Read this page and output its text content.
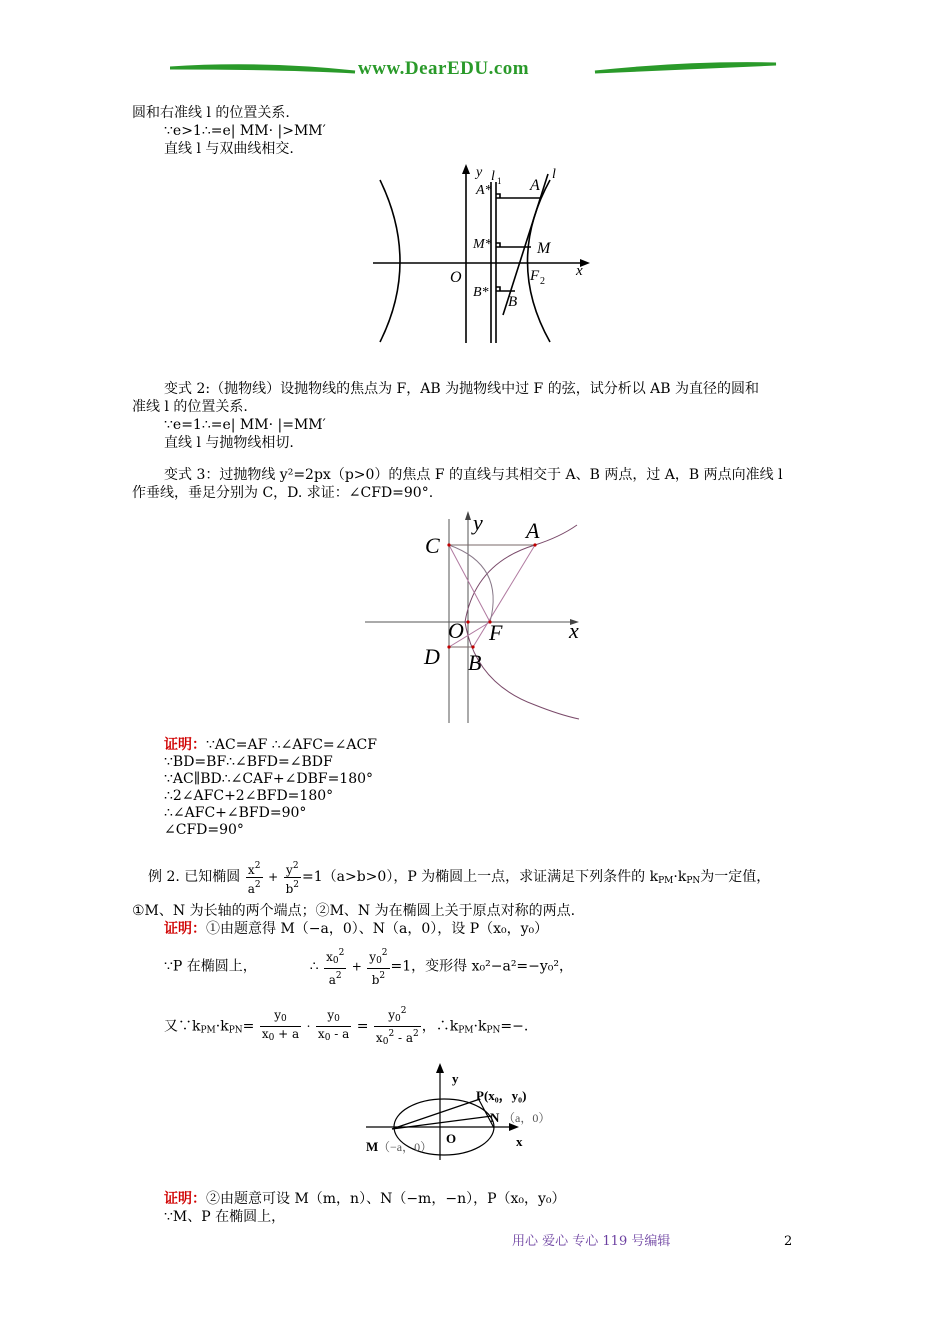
www.DearEDU.com
圆和右准线 l 的位置关系.
∵e>1∴=e| MM· |>MM′
直线 l 与双曲线相交.
y
A*
l 1 A
l
M*	M
O	F 2
x
B*
B
变式 2:（抛物线）设抛物线的焦点为 F，AB 为抛物线中过 F 的弦，试分析以 AB 为直径的圆和
准线 l 的位置关系.
∵e=1∴=e| MM· |=MM′
直线 l 与抛物线相切.
变式 3：过抛物线 y²=2px（p>0）的焦点 F 的直线与其相交于 A、B 两点，过 A，B 两点向准线 l
作垂线，垂足分别为 C，D. 求证：∠CFD=90°.
y A
C
O F	x
D B
证明：∵AC=AF ∴∠AFC=∠ACF
∵BD=BF∴∠BFD=∠BDF
∵AC∥BD∴∠CAF+∠DBF=180°
∴2∠AFC+2∠BFD=180°
∴∠AFC+∠BFD=90°
∠CFD=90°
例 2. 已知椭圆 $\frac{x^2}{a^2} + \frac{y^2}{b^2} =1(a>b>0)$，P 为椭圆上一点，求证满足下列条件的 $k_{PM}\cdot k_{PN}$为一定值，
①M、N 为长轴的两个端点；②M、N 为在椭圆上关于原点对称的两点.
证明：①由题意得 M（−a，0）、N（a，0），设 P（x₀，y₀）
∵P 在椭圆上，	∴ $\frac{x_0^2}{a^2} + \frac{y_0^2}{b^2} =1$，变形得 x₀²−a²=−y₀²，
又$\because k_{PM}\cdot k_{PN}= \frac{y_0}{x_0 + a} \cdot \frac{y_0}{x_0 - a} = \frac{y_0^2}{x_0^2 - a^2}$ ，$\therefore k_{PM}\cdot k_{PN}=-$.
y
P(x₀，y₀)
N （a，0）
O	x
M （−a，0）
证明：②由题意可设 M（m，n）、N（−m，−n），P（x₀，y₀）
∵M、P 在椭圆上，
用心 爱心 专心 119 号编辑	2
